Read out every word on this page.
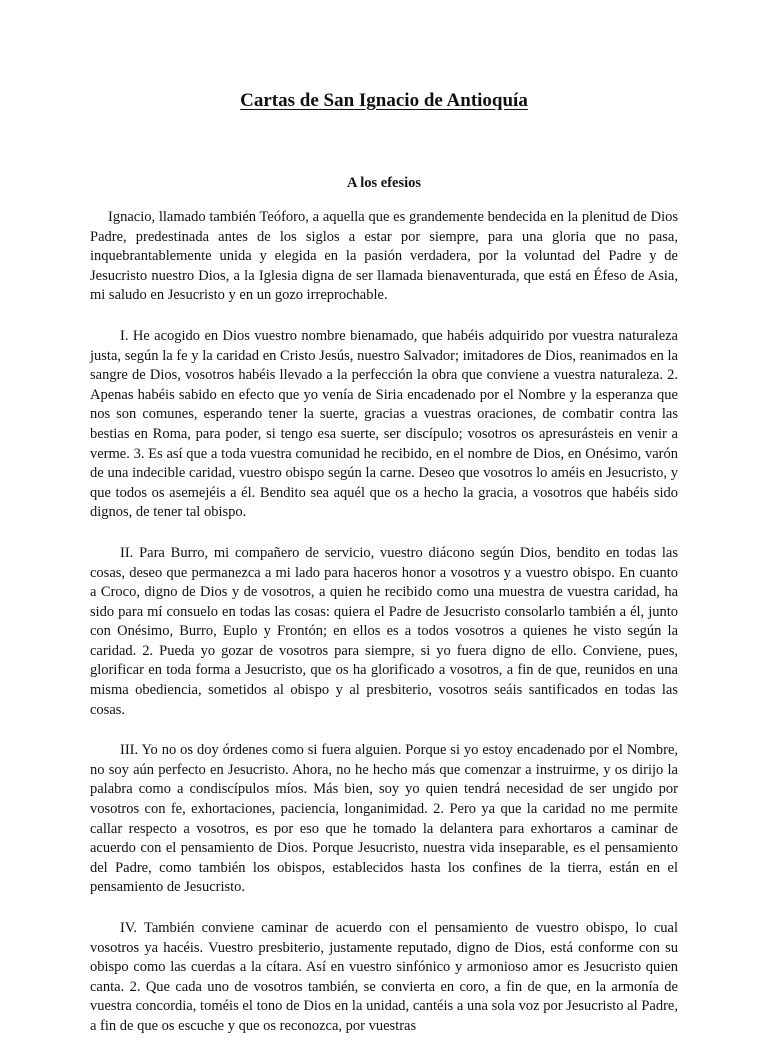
Cartas de San Ignacio de Antioquía
A los efesios

Ignacio, llamado también Teóforo, a aquella que es grandemente bendecida en la plenitud de Dios Padre, predestinada antes de los siglos a estar por siempre, para una gloria que no pasa, inquebrantablemente unida y elegida en la pasión verdadera, por la voluntad del Padre y de Jesucristo nuestro Dios, a la Iglesia digna de ser llamada bienaventurada, que está en Éfeso de Asia, mi saludo en Jesucristo y en un gozo irreprochable.

I. He acogido en Dios vuestro nombre bienamado, que habéis adquirido por vuestra naturaleza justa, según la fe y la caridad en Cristo Jesús, nuestro Salvador; imitadores de Dios, reanimados en la sangre de Dios, vosotros habéis llevado a la perfección la obra que conviene a vuestra naturaleza. 2. Apenas habéis sabido en efecto que yo venía de Siria encadenado por el Nombre y la esperanza que nos son comunes, esperando tener la suerte, gracias a vuestras oraciones, de combatir contra las bestias en Roma, para poder, si tengo esa suerte, ser discípulo; vosotros os apresurásteis en venir a verme. 3. Es así que a toda vuestra comunidad he recibido, en el nombre de Dios, en Onésimo, varón de una indecible caridad, vuestro obispo según la carne. Deseo que vosotros lo améis en Jesucristo, y que todos os asemejéis a él. Bendito sea aquél que os a hecho la gracia, a vosotros que habéis sido dignos, de tener tal obispo.

II. Para Burro, mi compañero de servicio, vuestro diácono según Dios, bendito en todas las cosas, deseo que permanezca a mi lado para haceros honor a vosotros y a vuestro obispo. En cuanto a Croco, digno de Dios y de vosotros, a quien he recibido como una muestra de vuestra caridad, ha sido para mí consuelo en todas las cosas: quiera el Padre de Jesucristo consolarlo también a él, junto con Onésimo, Burro, Euplo y Frontón; en ellos es a todos vosotros a quienes he visto según la caridad. 2. Pueda yo gozar de vosotros para siempre, si yo fuera digno de ello. Conviene, pues, glorificar en toda forma a Jesucristo, que os ha glorificado a vosotros, a fin de que, reunidos en una misma obediencia, sometidos al obispo y al presbiterio, vosotros seáis santificados en todas las cosas.

III. Yo no os doy órdenes como si fuera alguien. Porque si yo estoy encadenado por el Nombre, no soy aún perfecto en Jesucristo. Ahora, no he hecho más que comenzar a instruirme, y os dirijo la palabra como a condiscípulos míos. Más bien, soy yo quien tendrá necesidad de ser ungido por vosotros con fe, exhortaciones, paciencia, longanimidad. 2. Pero ya que la caridad no me permite callar respecto a vosotros, es por eso que he tomado la delantera para exhortaros a caminar de acuerdo con el pensamiento de Dios. Porque Jesucristo, nuestra vida inseparable, es el pensamiento del Padre, como también los obispos, establecidos hasta los confines de la tierra, están en el pensamiento de Jesucristo.

IV. También conviene caminar de acuerdo con el pensamiento de vuestro obispo, lo cual vosotros ya hacéis. Vuestro presbiterio, justamente reputado, digno de Dios, está conforme con su obispo como las cuerdas a la cítara. Así en vuestro sinfónico y armonioso amor es Jesucristo quien canta. 2. Que cada uno de vosotros también, se convierta en coro, a fin de que, en la armonía de vuestra concordia, toméis el tono de Dios en la unidad, cantéis a una sola voz por Jesucristo al Padre, a fin de que os escuche y que os reconozca, por vuestras
